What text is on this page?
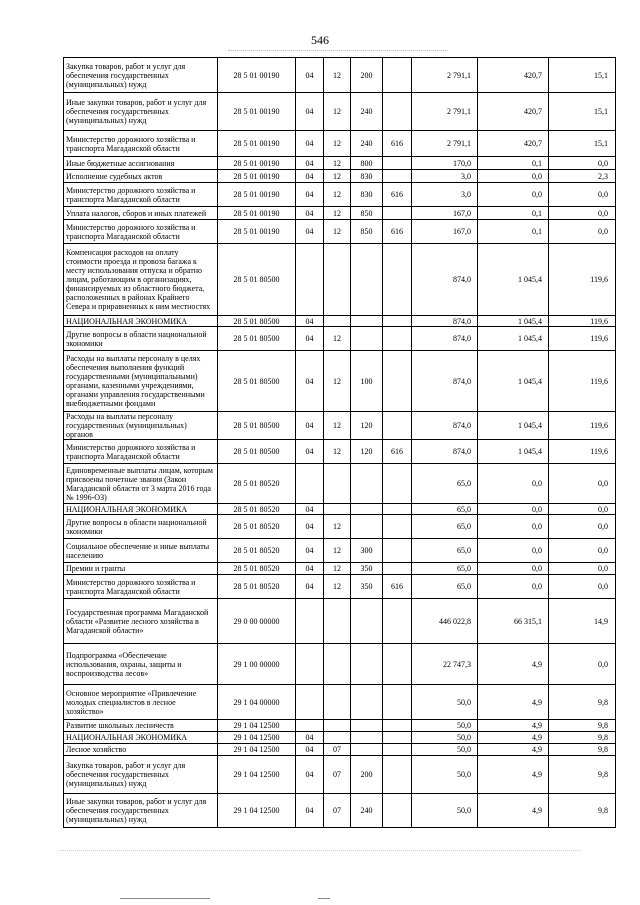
546
Закупка товаров, работ и услуг для обеспечения государственных (муниципальных) нужд	28 5 01 00190	04	12	200		2 791,1	420,7	15,1
Иные закупки товаров, работ и услуг для обеспечения государственных (муниципальных) нужд	28 5 01 00190	04	12	240		2 791,1	420,7	15,1
Министерство дорожного хозяйства и транспорта Магаданской области	28 5 01 00190	04	12	240	616	2 791,1	420,7	15,1
Иные бюджетные ассигнования	28 5 01 00190	04	12	800		170,0	0,1	0,0
Исполнение судебных актов	28 5 01 00190	04	12	830		3,0	0,0	2,3
Министерство дорожного хозяйства и транспорта Магаданской области	28 5 01 00190	04	12	830	616	3,0	0,0	0,0
Уплата налогов, сборов и иных платежей	28 5 01 00190	04	12	850		167,0	0,1	0,0
Министерство дорожного хозяйства и транспорта Магаданской области	28 5 01 00190	04	12	850	616	167,0	0,1	0,0
Компенсация расходов на оплату стоимости проезда и провоза багажа к месту использования отпуска и обратно лицам, работающим в организациях, финансируемых из областного бюджета, расположенных в районах Крайнего Севера и приравненных к ним местностях	28 5 01 80500					874,0	1 045,4	119,6
НАЦИОНАЛЬНАЯ ЭКОНОМИКА	28 5 01 80500	04				874,0	1 045,4	119,6
Другие вопросы в области национальной экономики	28 5 01 80500	04	12			874,0	1 045,4	119,6
Расходы на выплаты персоналу в целях обеспечения выполнения функций государственными (муниципальными) органами, казенными учреждениями, органами управления государственными внебюджетными фондами	28 5 01 80500	04	12	100		874,0	1 045,4	119,6
Расходы на выплаты персоналу государственных (муниципальных) органов	28 5 01 80500	04	12	120		874,0	1 045,4	119,6
Министерство дорожного хозяйства и транспорта Магаданской области	28 5 01 80500	04	12	120	616	874,0	1 045,4	119,6
Единовременные выплаты лицам, которым присвоены почетные звания (Закон Магаданской области от 3 марта 2016 года № 1996-ОЗ)	28 5 01 80520					65,0	0,0	0,0
НАЦИОНАЛЬНАЯ ЭКОНОМИКА	28 5 01 80520	04				65,0	0,0	0,0
Другие вопросы в области национальной экономики	28 5 01 80520	04	12			65,0	0,0	0,0
Социальное обеспечение и иные выплаты населению	28 5 01 80520	04	12	300		65,0	0,0	0,0
Премии и гранты	28 5 01 80520	04	12	350		65,0	0,0	0,0
Министерство дорожного хозяйства и транспорта Магаданской области	28 5 01 80520	04	12	350	616	65,0	0,0	0,0
Государственная программа Магаданской области «Развитие лесного хозяйства в Магаданской области»	29 0 00 00000					446 022,8	66 315,1	14,9
Подпрограмма «Обеспечение использования, охраны, защиты и воспроизводства лесов»	29 1 00 00000					22 747,3	4,9	0,0
Основное мероприятие «Привлечение молодых специалистов в лесное хозяйство»	29 1 04 00000					50,0	4,9	9,8
Развитие школьных лесничеств	29 1 04 12500					50,0	4,9	9,8
НАЦИОНАЛЬНАЯ ЭКОНОМИКА	29 1 04 12500	04				50,0	4,9	9,8
Лесное хозяйство	29 1 04 12500	04	07			50,0	4,9	9,8
Закупка товаров, работ и услуг для обеспечения государственных (муниципальных) нужд	29 1 04 12500	04	07	200		50,0	4,9	9,8
Иные закупки товаров, работ и услуг для обеспечения государственных (муниципальных) нужд	29 1 04 12500	04	07	240		50,0	4,9	9,8
